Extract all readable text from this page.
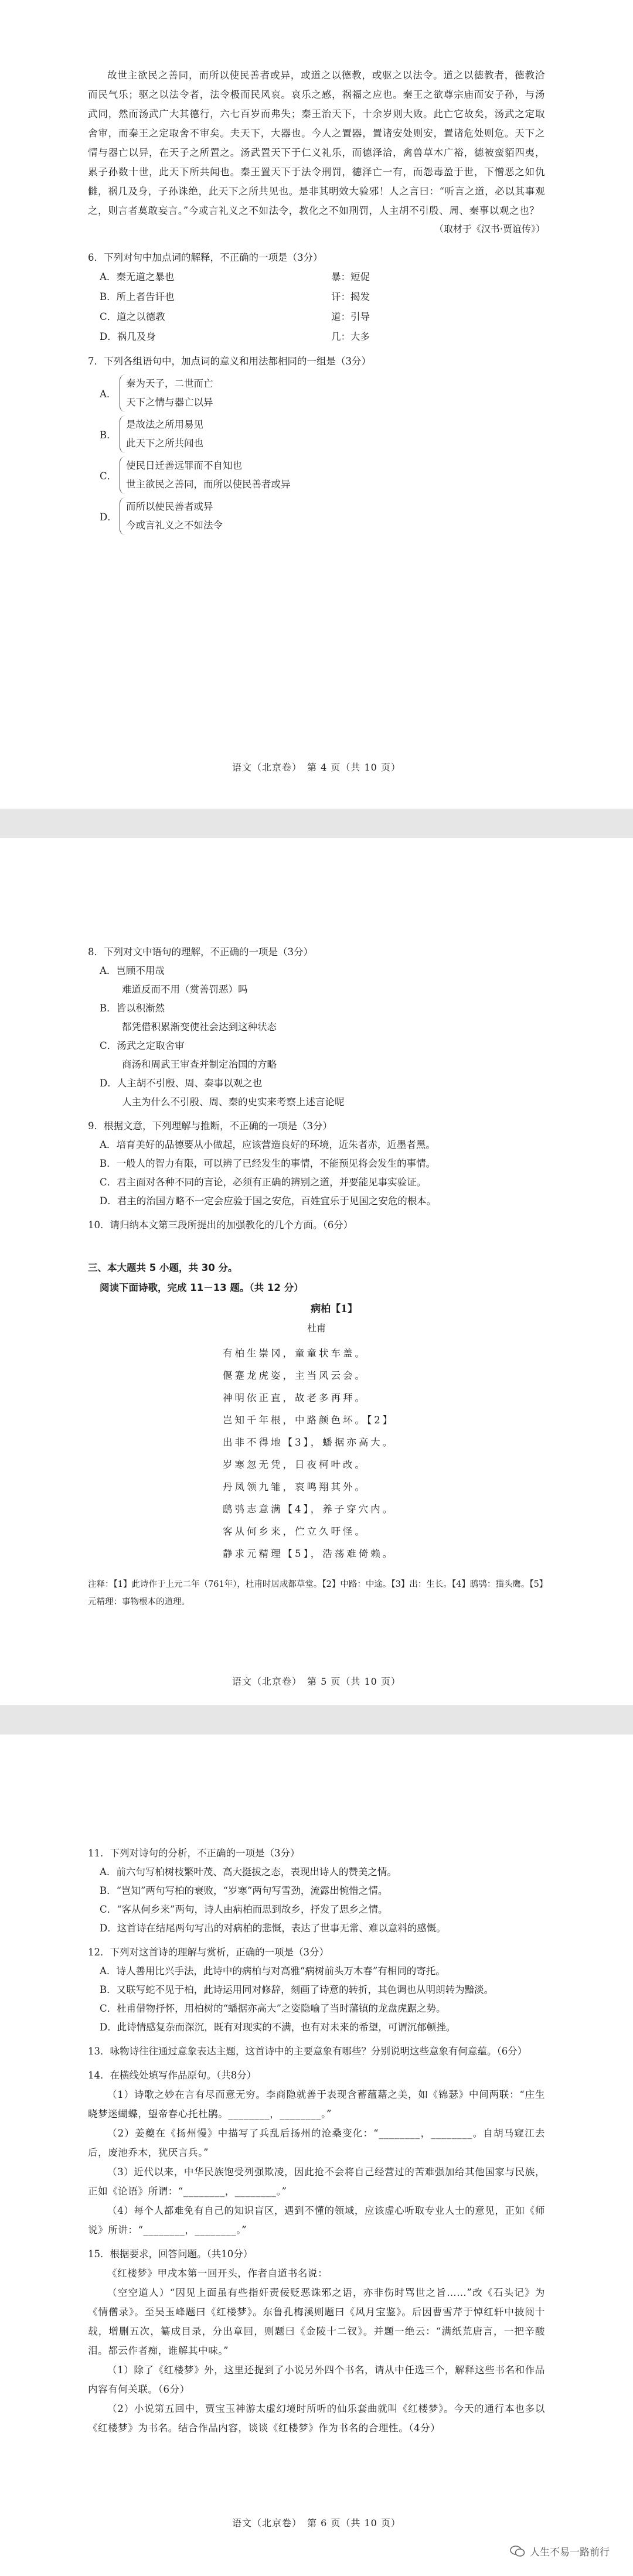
故世主欲民之善同，而所以使民善者或异，或道之以德教，或驱之以法令。道之以德教者，德教洽而民气乐；驱之以法令者，法令极而民风哀。哀乐之感，祸福之应也。秦王之欲尊宗庙而安子孙，与汤武同，然而汤武广大其德行，六七百岁而弗失；秦王治天下，十余岁则大败。此亡它故矣，汤武之定取舍审，而秦王之定取舍不审矣。夫天下，大器也。今人之置器，置诸安处则安，置诸危处则危。天下之情与器亡以异，在天子之所置之。汤武置天下于仁义礼乐，而德泽洽，禽兽草木广裕，德被蛮貊四夷，累子孙数十世，此天下所共闻也。秦王置天下于法令刑罚，德泽亡一有，而怨毒盈于世，下憎恶之如仇雠，祸几及身，子孙诛绝，此天下之所共见也。是非其明效大验邪！人之言曰：“听言之道，必以其事观之，则言者莫敢妄言。”今或言礼义之不如法令，教化之不如刑罚，人主胡不引殷、周、秦事以观之也？

（取材于《汉书·贾谊传》）

6．下列对句中加点词的解释，不正确的一项是（3分）

A．秦无道之暴也	暴：短促
B．所上者告讦也	讦：揭发
C．道之以德教	道：引导
D．祸几及身	几：大多

7．下列各组语句中，加点词的意义和用法都相同的一组是（3分）

A．
秦为天子，二世而亡
天下之情与器亡以异
B．
是故法之所用易见
此天下之所共闻也
C．
使民日迁善远罪而不自知也
世主欲民之善同，而所以使民善者或异
D．
而所以使民善者或异
今或言礼义之不如法令
语文（北京卷）　第 4 页（共 10 页）

8．下列对文中语句的理解，不正确的一项是（3分）

A．岂顾不用哉
难道反而不用（赏善罚恶）吗
B．皆以积渐然
都凭借积累渐变使社会达到这种状态
C．汤武之定取舍审
商汤和周武王审查并制定治国的方略
D．人主胡不引殷、周、秦事以观之也
人主为什么不引殷、周、秦的史实来考察上述言论呢

9．根据文意，下列理解与推断，不正确的一项是（3分）

A．培育美好的品德要从小做起，应该营造良好的环境，近朱者赤，近墨者黑。
B．一般人的智力有限，可以辨了已经发生的事情，不能预见将会发生的事情。
C．君主面对各种不同的言论，必须有正确的辨别之道，并要能见事实验证。
D．君主的治国方略不一定会应验于国之安危，百姓宜乐于见国之安危的根本。

10．请归纳本文第三段所提出的加强教化的几个方面。（6分）

三、本大题共 5 小题，共 30 分。
阅读下面诗歌，完成 11－13 题。（共 12 分）
病柏【1】
杜甫
有柏生崇冈，童童状车盖。
偃蹇龙虎姿，主当风云会。
神明依正直，故老多再拜。
岂知千年根，中路颜色坏。【2】
出非不得地【3】，蟠据亦高大。
岁寒忽无凭，日夜柯叶改。
丹凤领九雏，哀鸣翔其外。
鸱鸮志意满【4】，养子穿穴内。
客从何乡来，伫立久吁怪。
静求元精理【5】，浩荡难倚赖。
注释：【1】此诗作于上元二年（761年），杜甫时居成都草堂。【2】中路：中途。【3】出：生长。【4】鸱鸮：猫头鹰。【5】元精理：事物根本的道理。
语文（北京卷）　第 5 页（共 10 页）

11．下列对诗句的分析，不正确的一项是（3分）

A．前六句写柏树枝繁叶茂、高大挺拔之态，表现出诗人的赞美之情。
B．“岂知”两句写柏的衰败，“岁寒”两句写雪劲，流露出惋惜之情。
C．“客从何乡来”两句，诗人由病柏而思到故乡，抒发了思乡之情。
D．这首诗在结尾两句写出的对病柏的悲慨，表达了世事无常、难以意料的感慨。

12．下列对这首诗的理解与赏析，正确的一项是（3分）

A．诗人善用比兴手法，此诗中的病柏与对高雅“病树前头万木春”有相同的寄托。
B．又联写蛇不见于柏，此诗运用同对修辞，刻画了诗意的转折，其色调也从明朗转为黯淡。
C．杜甫借物抒怀，用柏树的“蟠据亦高大”之姿隐喻了当时藩镇的龙盘虎踞之势。
D．此诗情感复杂而深沉，既有对现实的不满，也有对未来的希望，可谓沉郁顿挫。

13．咏物诗往往通过意象表达主题，这首诗中的主要意象有哪些？分别说明这些意象有何意蕴。（6分）

14．在横线处填写作品原句。（共8分）

（1）诗歌之妙在言有尽而意无穷。李商隐就善于表现含蓄蕴藉之美，如《锦瑟》中间两联：“庄生晓梦迷蝴蝶，望帝春心托杜鹃。________，________。”

（2）姜夔在《扬州慢》中描写了兵乱后扬州的沧桑变化：“________，________。自胡马窥江去后，废池乔木，犹厌言兵。”

（3）近代以来，中华民族饱受列强欺凌，因此抢不会将自己经营过的苦难强加给其他国家与民族，正如《论语》所谓：“________，________。”

（4）每个人都难免有自己的知识盲区，遇到不懂的领域，应该虚心听取专业人士的意见，正如《师说》所讲：“________，________。”

15．根据要求，回答问题。（共10分）

《红楼梦》甲戌本第一回开头，作者自道书名说：

（空空道人）“因见上面虽有些指奸责佞贬恶诛邪之语，亦非伤时骂世之旨……”改《石头记》为《情僧录》。至吴玉峰题曰《红楼梦》。东鲁孔梅溪则题曰《风月宝鉴》。后因曹雪芹于悼红轩中披阅十载，增删五次，纂成目录，分出章回，则题曰《金陵十二钗》。并题一绝云：“满纸荒唐言，一把辛酸泪。都云作者痴，谁解其中味。”

（1）除了《红楼梦》外，这里还提到了小说另外四个书名，请从中任选三个，解释这些书名和作品内容有何关联。（6分）

（2）小说第五回中，贾宝玉神游太虚幻境时所听的仙乐套曲就叫《红楼梦》。今天的通行本也多以《红楼梦》为书名。结合作品内容，谈谈《红楼梦》作为书名的合理性。（4分）

语文（北京卷）　第 6 页（共 10 页）
人生不易一路前行
